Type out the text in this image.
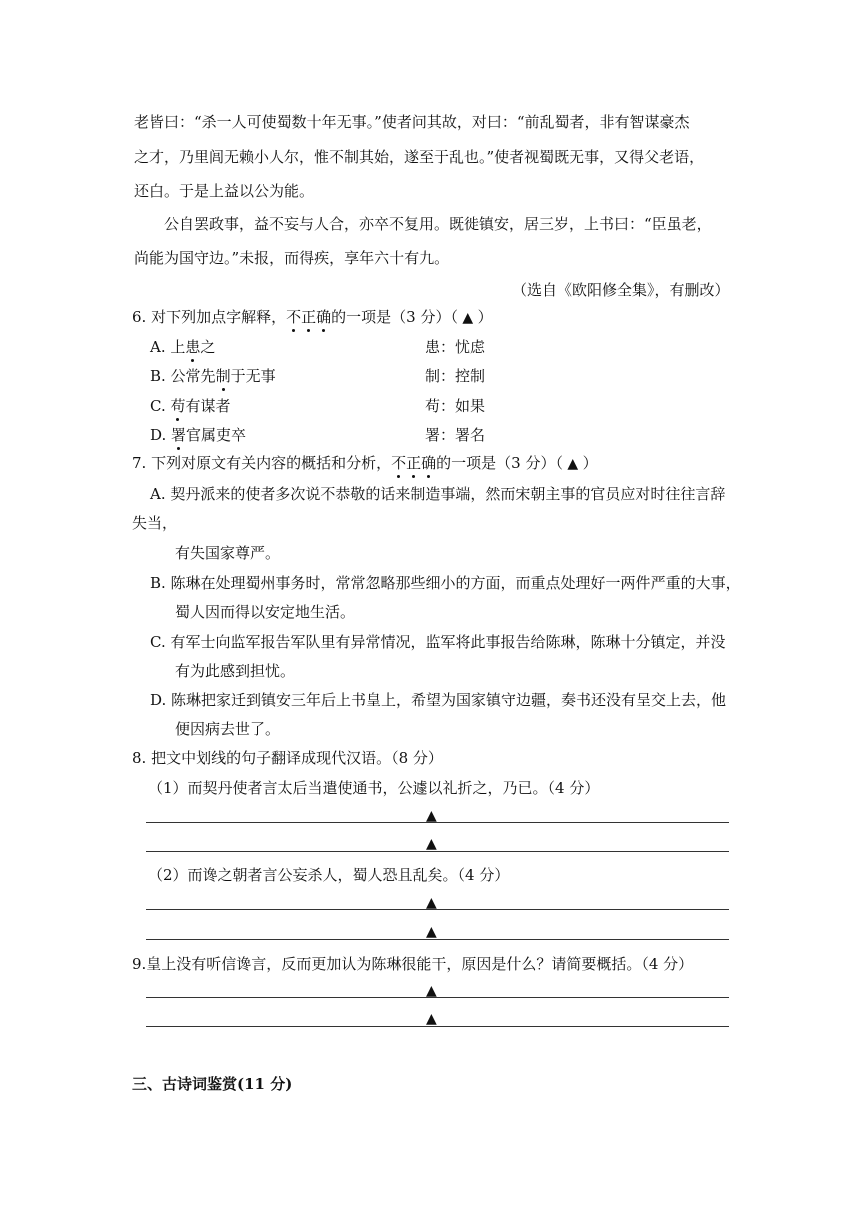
老皆曰：“杀一人可使蜀数十年无事。”使者问其故，对曰：“前乱蜀者，非有智谋豪杰
之才，乃里闾无赖小人尔，惟不制其始，遂至于乱也。”使者视蜀既无事，又得父老语，
还白。于是上益以公为能。
公自罢政事，益不妄与人合，亦卒不复用。既徙镇安，居三岁，上书曰：“臣虽老，
尚能为国守边。”未报，而得疾，享年六十有九。
（选自《欧阳修全集》，有删改）
6. 对下列加点字解释，不正确的一项是（3 分）（ ▲ ）
A. 上患之	患：忧虑
B. 公常先制于无事	制：控制
C. 苟有谋者	苟：如果
D. 署官属吏卒	署：署名
7. 下列对原文有关内容的概括和分析，不正确的一项是（3 分）（ ▲ ）
A. 契丹派来的使者多次说不恭敬的话来制造事端，然而宋朝主事的官员应对时往往言辞
失当，
有失国家尊严。
B. 陈琳在处理蜀州事务时，常常忽略那些细小的方面，而重点处理好一两件严重的大事，
蜀人因而得以安定地生活。
C. 有军士向监军报告军队里有异常情况，监军将此事报告给陈琳，陈琳十分镇定，并没
有为此感到担忧。
D. 陈琳把家迁到镇安三年后上书皇上，希望为国家镇守边疆，奏书还没有呈交上去，他
便因病去世了。
8. 把文中划线的句子翻译成现代汉语。（8 分）
（1）而契丹使者言太后当遣使通书，公遽以礼折之，乃已。（4 分）
▲
▲
（2）而谗之朝者言公妄杀人，蜀人恐且乱矣。（4 分）
▲
▲
9.皇上没有听信谗言，反而更加认为陈琳很能干，原因是什么？请简要概括。（4 分）
▲
▲
三、古诗词鉴赏(11 分)
